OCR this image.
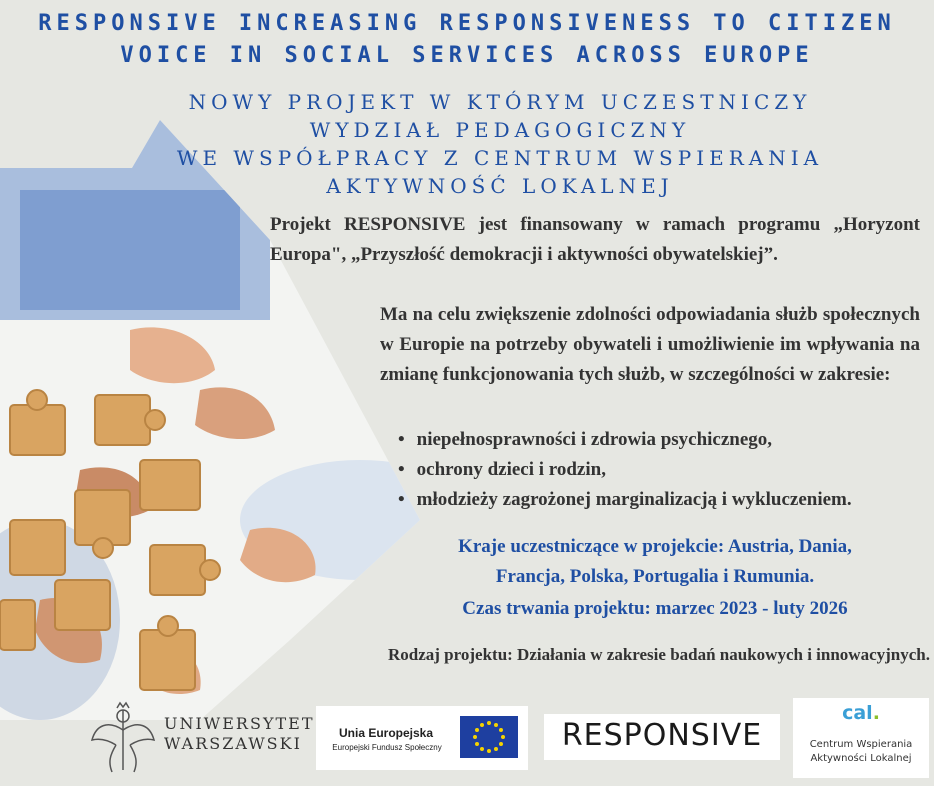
RESPONSIVE INCREASING RESPONSIVENESS TO CITIZEN
VOICE IN SOCIAL SERVICES ACROSS EUROPE
NOWY PROJEKT W KTÓRYM UCZESTNICZY
WYDZIAŁ PEDAGOGICZNY
WE WSPÓŁPRACY Z CENTRUM WSPIERANIA
AKTYWNOŚĆ LOKALNEJ
Projekt RESPONSIVE jest finansowany w ramach programu „Horyzont Europa", „Przyszłość demokracji i aktywności obywatelskiej”.
Ma na celu zwiększenie zdolności odpowiadania służb społecznych w Europie na potrzeby obywateli i umożliwienie im wpływania na zmianę funkcjonowania tych służb, w szczególności w zakresie:
• niepełnosprawności i zdrowia psychicznego,
• ochrony dzieci i rodzin,
• młodzieży zagrożonej marginalizacją i wykluczeniem.
Kraje uczestniczące w projekcie: Austria, Dania,
Francja, Polska, Portugalia i Rumunia.
Czas trwania projektu: marzec 2023 - luty 2026
Rodzaj projektu: Działania w zakresie badań naukowych i innowacyjnych.
UNIWERSYTET
WARSZAWSKI
Unia Europejska
Europejski Fundusz Społeczny	RESPONSIVE
cal.
Centrum Wspierania
Aktywności Lokalnej
